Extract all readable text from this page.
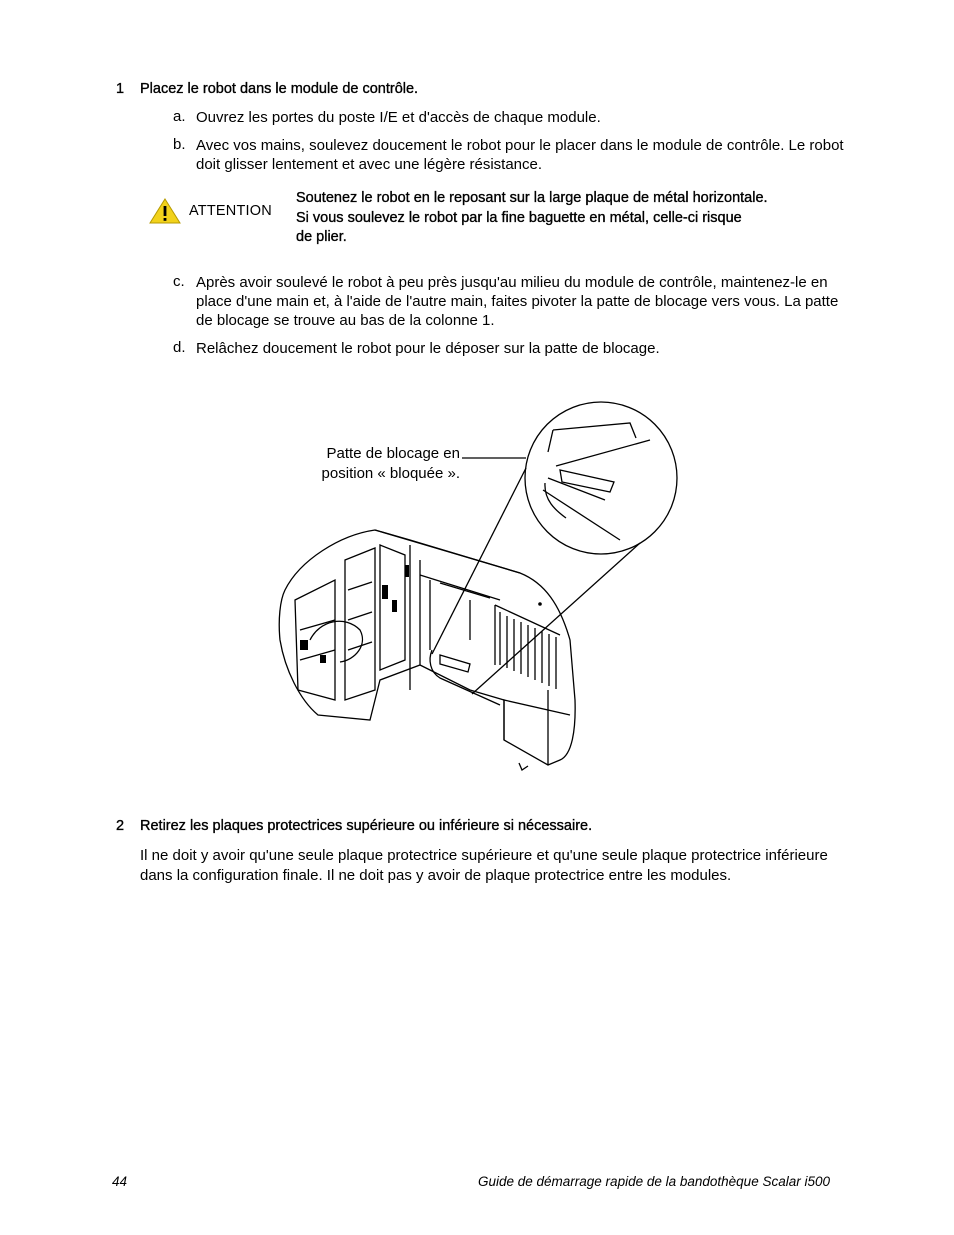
1 Placez le robot dans le module de contrôle.
a. Ouvrez les portes du poste I/E et d'accès de chaque module.
b. Avec vos mains, soulevez doucement le robot pour le placer dans le module de contrôle. Le robot doit glisser lentement et avec une légère résistance.
ATTENTION
Soutenez le robot en le reposant sur la large plaque de métal horizontale.
Si vous soulevez le robot par la fine baguette en métal, celle-ci risque
de plier.
c. Après avoir soulevé le robot à peu près jusqu'au milieu du module de contrôle, maintenez-le en place d'une main et, à l'aide de l'autre main, faites pivoter la patte de blocage vers vous. La patte de blocage se trouve au bas de la colonne 1.
d. Relâchez doucement le robot pour le déposer sur la patte de blocage.
Patte de blocage en
position « bloquée ».
2 Retirez les plaques protectrices supérieure ou inférieure si nécessaire.
Il ne doit y avoir qu'une seule plaque protectrice supérieure et qu'une seule plaque protectrice inférieure dans la configuration finale. Il ne doit pas y avoir de plaque protectrice entre les modules.
44	Guide de démarrage rapide de la bandothèque Scalar i500
